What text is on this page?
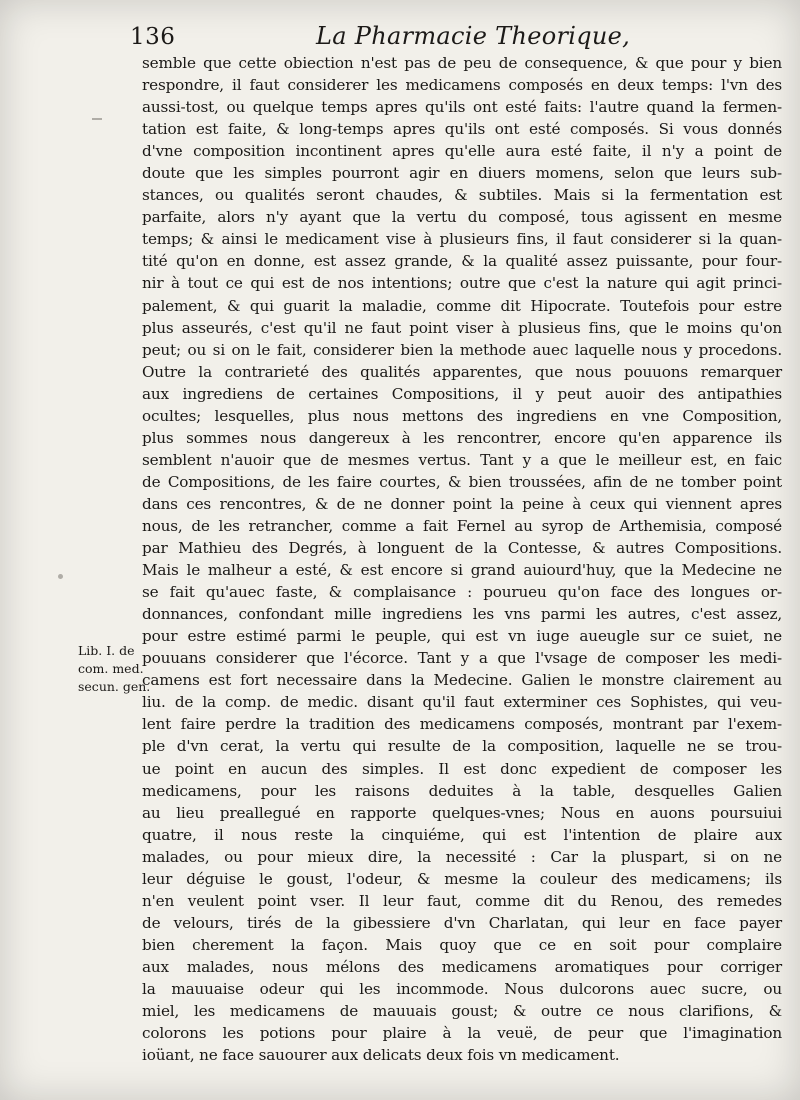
136	La Pharmacie Theorique,
Lib. I. de
com. med.
secun. gen.
semble que cette obiection n'est pas de peu de consequence, & que pour y bien
respondre, il faut considerer les medicamens composés en deux temps: l'vn des
aussi-tost, ou quelque temps apres qu'ils ont esté faits: l'autre quand la fermen-
tation est faite, & long-temps apres qu'ils ont esté composés. Si vous donnés
d'vne composition incontinent apres qu'elle aura esté faite, il n'y a point de
doute que les simples pourront agir en diuers momens, selon que leurs sub-
stances, ou qualités seront chaudes, & subtiles. Mais si la fermentation est
parfaite, alors n'y ayant que la vertu du composé, tous agissent en mesme
temps; & ainsi le medicament vise à plusieurs fins, il faut considerer si la quan-
tité qu'on en donne, est assez grande, & la qualité assez puissante, pour four-
nir à tout ce qui est de nos intentions; outre que c'est la nature qui agit princi-
palement, & qui guarit la maladie, comme dit Hipocrate. Toutefois pour estre
plus asseurés, c'est qu'il ne faut point viser à plusieus fins, que le moins qu'on
peut; ou si on le fait, considerer bien la methode auec laquelle nous y procedons.
Outre la contrarieté des qualités apparentes, que nous pouuons remarquer
aux ingrediens de certaines Compositions, il y peut auoir des antipathies
ocultes; lesquelles, plus nous mettons des ingrediens en vne Composition,
plus sommes nous dangereux à les rencontrer, encore qu'en apparence ils
semblent n'auoir que de mesmes vertus. Tant y a que le meilleur est, en faic
de Compositions, de les faire courtes, & bien troussées, afin de ne tomber point
dans ces rencontres, & de ne donner point la peine à ceux qui viennent apres
nous, de les retrancher, comme a fait Fernel au syrop de Arthemisia, composé
par Mathieu des Degrés, à longuent de la Contesse, & autres Compositions.
Mais le malheur a esté, & est encore si grand auiourd'huy, que la Medecine ne
se fait qu'auec faste, & complaisance : pourueu qu'on face des longues or-
donnances, confondant mille ingrediens les vns parmi les autres, c'est assez,
pour estre estimé parmi le peuple, qui est vn iuge aueugle sur ce suiet, ne
pouuans considerer que l'écorce. Tant y a que l'vsage de composer les medi-
camens est fort necessaire dans la Medecine. Galien le monstre clairement au
liu. de la comp. de medic. disant qu'il faut exterminer ces Sophistes, qui veu-
lent faire perdre la tradition des medicamens composés, montrant par l'exem-
ple d'vn cerat, la vertu qui resulte de la composition, laquelle ne se trou-
ue point en aucun des simples. Il est donc expedient de composer les
medicamens, pour les raisons deduites à la table, desquelles Galien
au lieu preallegué en rapporte quelques-vnes; Nous en auons poursuiui
quatre, il nous reste la cinquiéme, qui est l'intention de plaire aux
malades, ou pour mieux dire, la necessité : Car la pluspart, si on ne
leur déguise le goust, l'odeur, & mesme la couleur des medicamens; ils
n'en veulent point vser. Il leur faut, comme dit du Renou, des remedes
de velours, tirés de la gibessiere d'vn Charlatan, qui leur en face payer
bien cherement la façon. Mais quoy que ce en soit pour complaire
aux malades, nous mélons des medicamens aromatiques pour corriger
la mauuaise odeur qui les incommode. Nous dulcorons auec sucre, ou
miel, les medicamens de mauuais goust; & outre ce nous clarifions, &
colorons les potions pour plaire à la veuë, de peur que l'imagination
ioüant, ne face sauourer aux delicats deux fois vn medicament.
